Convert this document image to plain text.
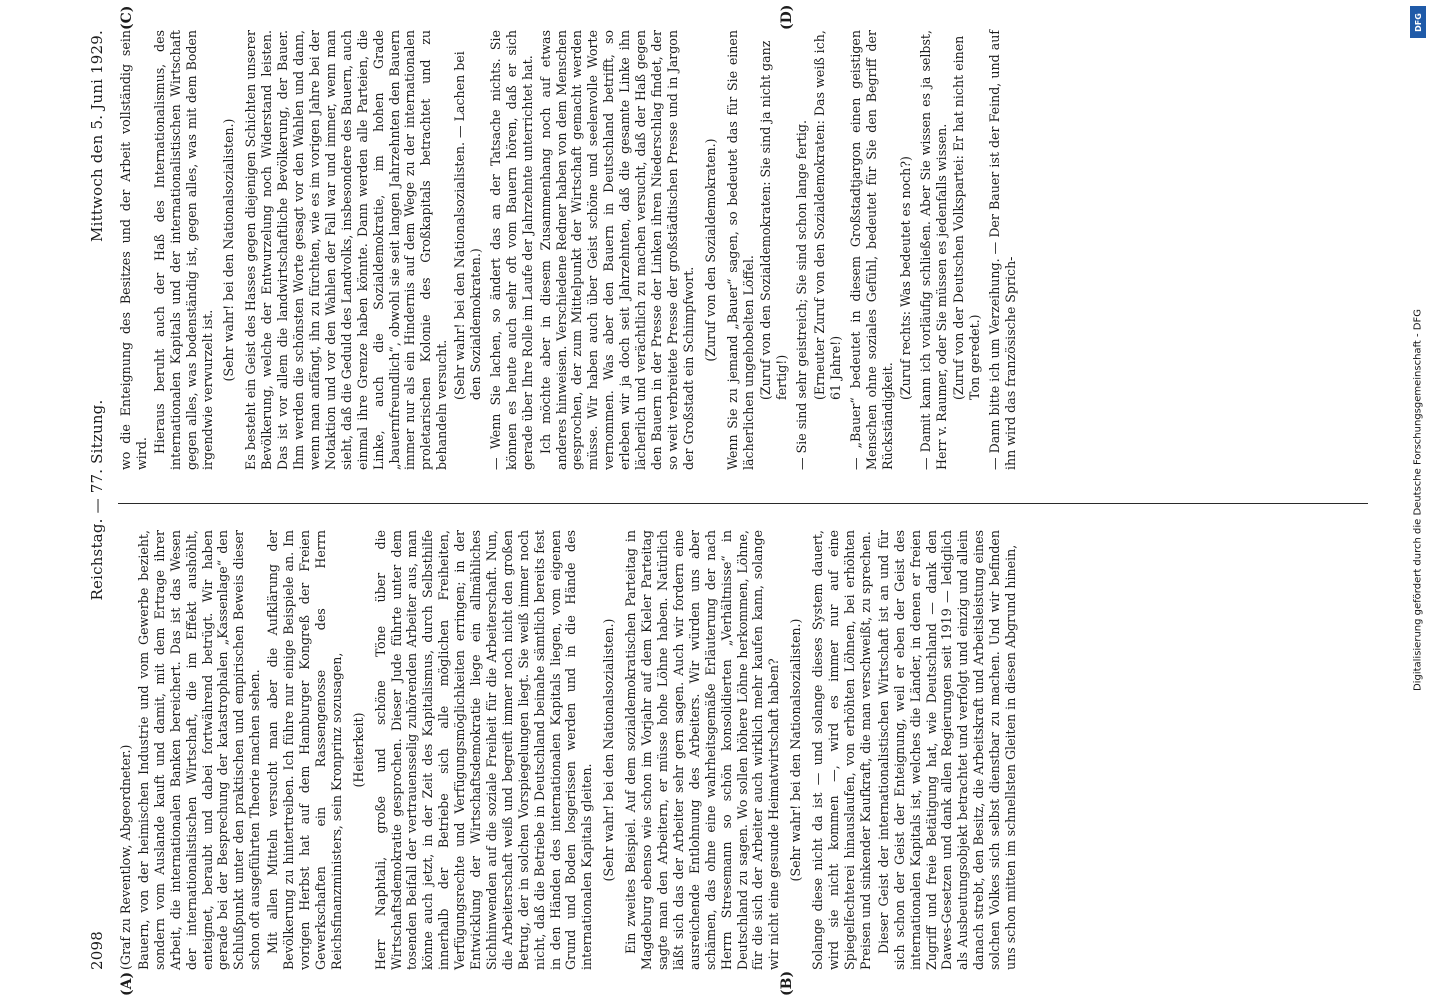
2098
Reichstag. — 77. Sitzung.
Mittwoch den 5. Juni 1929.
(A)	(B)
(C)	(D)

(Graf zu Reventlow, Abgeordneter.) Bauern, von der heimischen Industrie und vom Gewerbe bezieht, sondern vom Auslande kauft und damit, mit dem Ertrage ihrer Arbeit, die internationalen Banken bereichert. Das ist das Wesen der internationalistischen Wirtschaft, die im Effekt aushöhlt, enteignet, beraubt und dabei fortwährend betrügt. Wir haben gerade bei der Besprechung der katastrophalen „Kassenlage“ den Schlußpunkt unter den praktischen und empirischen Beweis dieser schon oft ausgeführten Theorie machen sehen. Mit allen Mitteln versucht man aber die Aufklärung der Bevölkerung zu hintertreiben. Ich führe nur einige Beispiele an. Im vorigen Herbst hat auf dem Hamburger Kongreß der Freien Gewerkschaften ein Rassengenosse des Herrn Reichsfinanzministers, sein Kronprinz sozusagen, (Heiterkeit) Herr Naphtali, große und schöne Töne über die Wirtschaftsdemokratie gesprochen. Dieser Jude führte unter dem tosenden Beifall der vertrauensselig zuhörenden Arbeiter aus, man könne auch jetzt, in der Zeit des Kapitalismus, durch Selbsthilfe innerhalb der Betriebe sich alle möglichen Freiheiten, Verfügungsrechte und Verfügungsmöglichkeiten erringen; in der Entwicklung der Wirtschaftsdemokratie liege ein allmähliches Sichhinwenden auf die soziale Freiheit für die Arbeiterschaft. Nun, die Arbeiterschaft weiß und begreift immer noch nicht den großen Betrug, der in solchen Vorspiegelungen liegt. Sie weiß immer noch nicht, daß die Betriebe in Deutschland beinahe sämtlich bereits fest in den Händen des internationalen Kapitals liegen, vom eigenen Grund und Boden losgerissen werden und in die Hände des internationalen Kapitals gleiten. (Sehr wahr! bei den Nationalsozialisten.) Ein zweites Beispiel. Auf dem sozialdemokratischen Parteitag in Magdeburg ebenso wie schon im Vorjahr auf dem Kieler Parteitag sagte man den Arbeitern, er müsse hohe Löhne haben. Natürlich läßt sich das der Arbeiter sehr gern sagen. Auch wir fordern eine ausreichende Entlohnung des Arbeiters. Wir würden uns aber schämen, das ohne eine wahrheitsgemäße Erläuterung der nach Herrn Stresemann so schön konsolidierten „Verhältnisse“ in Deutschland zu sagen. Wo sollen höhere Löhne herkommen, Löhne, für die sich der Arbeiter auch wirklich mehr kaufen kann, solange wir nicht eine gesunde Heimatwirtschaft haben? (Sehr wahr! bei den Nationalsozialisten.) Solange diese nicht da ist — und solange dieses System dauert, wird sie nicht kommen —, wird es immer nur auf eine Spiegelfechterei hinauslaufen, von erhöhten Löhnen, bei erhöhten Preisen und sinkender Kaufkraft, die man verschweißt, zu sprechen. Dieser Geist der internationalistischen Wirtschaft ist an und für sich schon der Geist der Enteignung, weil er eben der Geist des internationalen Kapitals ist, welches die Länder, in denen er freien Zugriff und freie Betätigung hat, wie Deutschland — dank den Dawes-Gesetzen und dank allen Regierungen seit 1919 — lediglich als Ausbeutungsobjekt betrachtet und verfolgt und einzig und allein danach strebt, den Besitz, die Arbeitskraft und Arbeitsleistung eines solchen Volkes sich selbst dienstbar zu machen. Und wir befinden uns schon mitten im schnellsten Gleiten in diesen Abgrund hinein,

wo die Enteignung des Besitzes und der Arbeit vollständig sein wird. Hieraus beruht auch der Haß des Internationalismus, des internationalen Kapitals und der internationalistischen Wirtschaft gegen alles, was bodenständig ist, gegen alles, was mit dem Boden irgendwie verwurzelt ist.

(Sehr wahr! bei den Nationalsozialisten.) Es besteht ein Geist des Hasses gegen diejenigen Schichten unserer Bevölkerung, welche der Entwurzelung noch Widerstand leisten. Das ist vor allem die landwirtschaftliche Bevölkerung, der Bauer. Ihm werden die schönsten Worte gesagt vor den Wahlen und dann, wenn man anfängt, ihn zu fürchten, wie es im vorigen Jahre bei der Notaktion und vor den Wahlen der Fall war und immer, wenn man sieht, daß die Geduld des Landvolks, insbesondere des Bauern, auch einmal ihre Grenze haben könnte. Dann werden alle Parteien, die Linke, auch die Sozialdemokratie, im hohen Grade „bauernfreundlich“, obwohl sie seit langen Jahrzehnten den Bauern immer nur als ein Hindernis auf dem Wege zu der internationalen proletarischen Kolonie des Großkapitals betrachtet und zu behandeln versucht.

(Sehr wahr! bei den Nationalsozialisten. — Lachen bei den Sozialdemokraten.) — Wenn Sie lachen, so ändert das an der Tatsache nichts. Sie können es heute auch sehr oft vom Bauern hören, daß er sich gerade über Ihre Rolle im Laufe der Jahrzehnte unterrichtet hat. Ich möchte aber in diesem Zusammenhang noch auf etwas anderes hinweisen. Verschiedene Redner haben von dem Menschen gesprochen, der zum Mittelpunkt der Wirtschaft gemacht werden müsse. Wir haben auch über Geist schöne und seelenvolle Worte vernommen. Was aber den Bauern in Deutschland betrifft, so erleben wir ja doch seit Jahrzehnten, daß die gesamte Linke ihn lächerlich und verächtlich zu machen versucht, daß der Haß gegen den Bauern in der Presse der Linken ihren Niederschlag findet, der so weit verbreitete Presse der großstädtischen Presse und in Jargon der Großstadt ein Schimpfwort.

(Zuruf von den Sozialdemokraten.) Wenn Sie zu jemand „Bauer“ sagen, so bedeutet das für Sie einen lächerlichen ungehobelten Löffel. (Zuruf von den Sozialdemokraten: Sie sind ja nicht ganz fertig!) — Sie sind sehr geistreich; Sie sind schon lange fertig. (Erneuter Zuruf von den Sozialdemokraten: Das weiß ich, 61 Jahre!) — „Bauer“ bedeutet in diesem Großstadtjargon einen geistigen Menschen ohne soziales Gefühl, bedeutet für Sie den Begriff der Rückständigkeit.

(Zuruf rechts: Was bedeutet es noch?) — Damit kann ich vorläufig schließen. Aber Sie wissen es ja selbst, Herr v. Raumer, oder Sie müssen es jedenfalls wissen. (Zuruf von der Deutschen Volkspartei: Er hat nicht einen Ton geredet.) — Dann bitte ich um Verzeihung. — Der Bauer ist der Feind, und auf ihn wird das französische Sprich-	Digitalisierung gefördert durch die Deutsche Forschungsgemeinschaft - DFG
DFG
